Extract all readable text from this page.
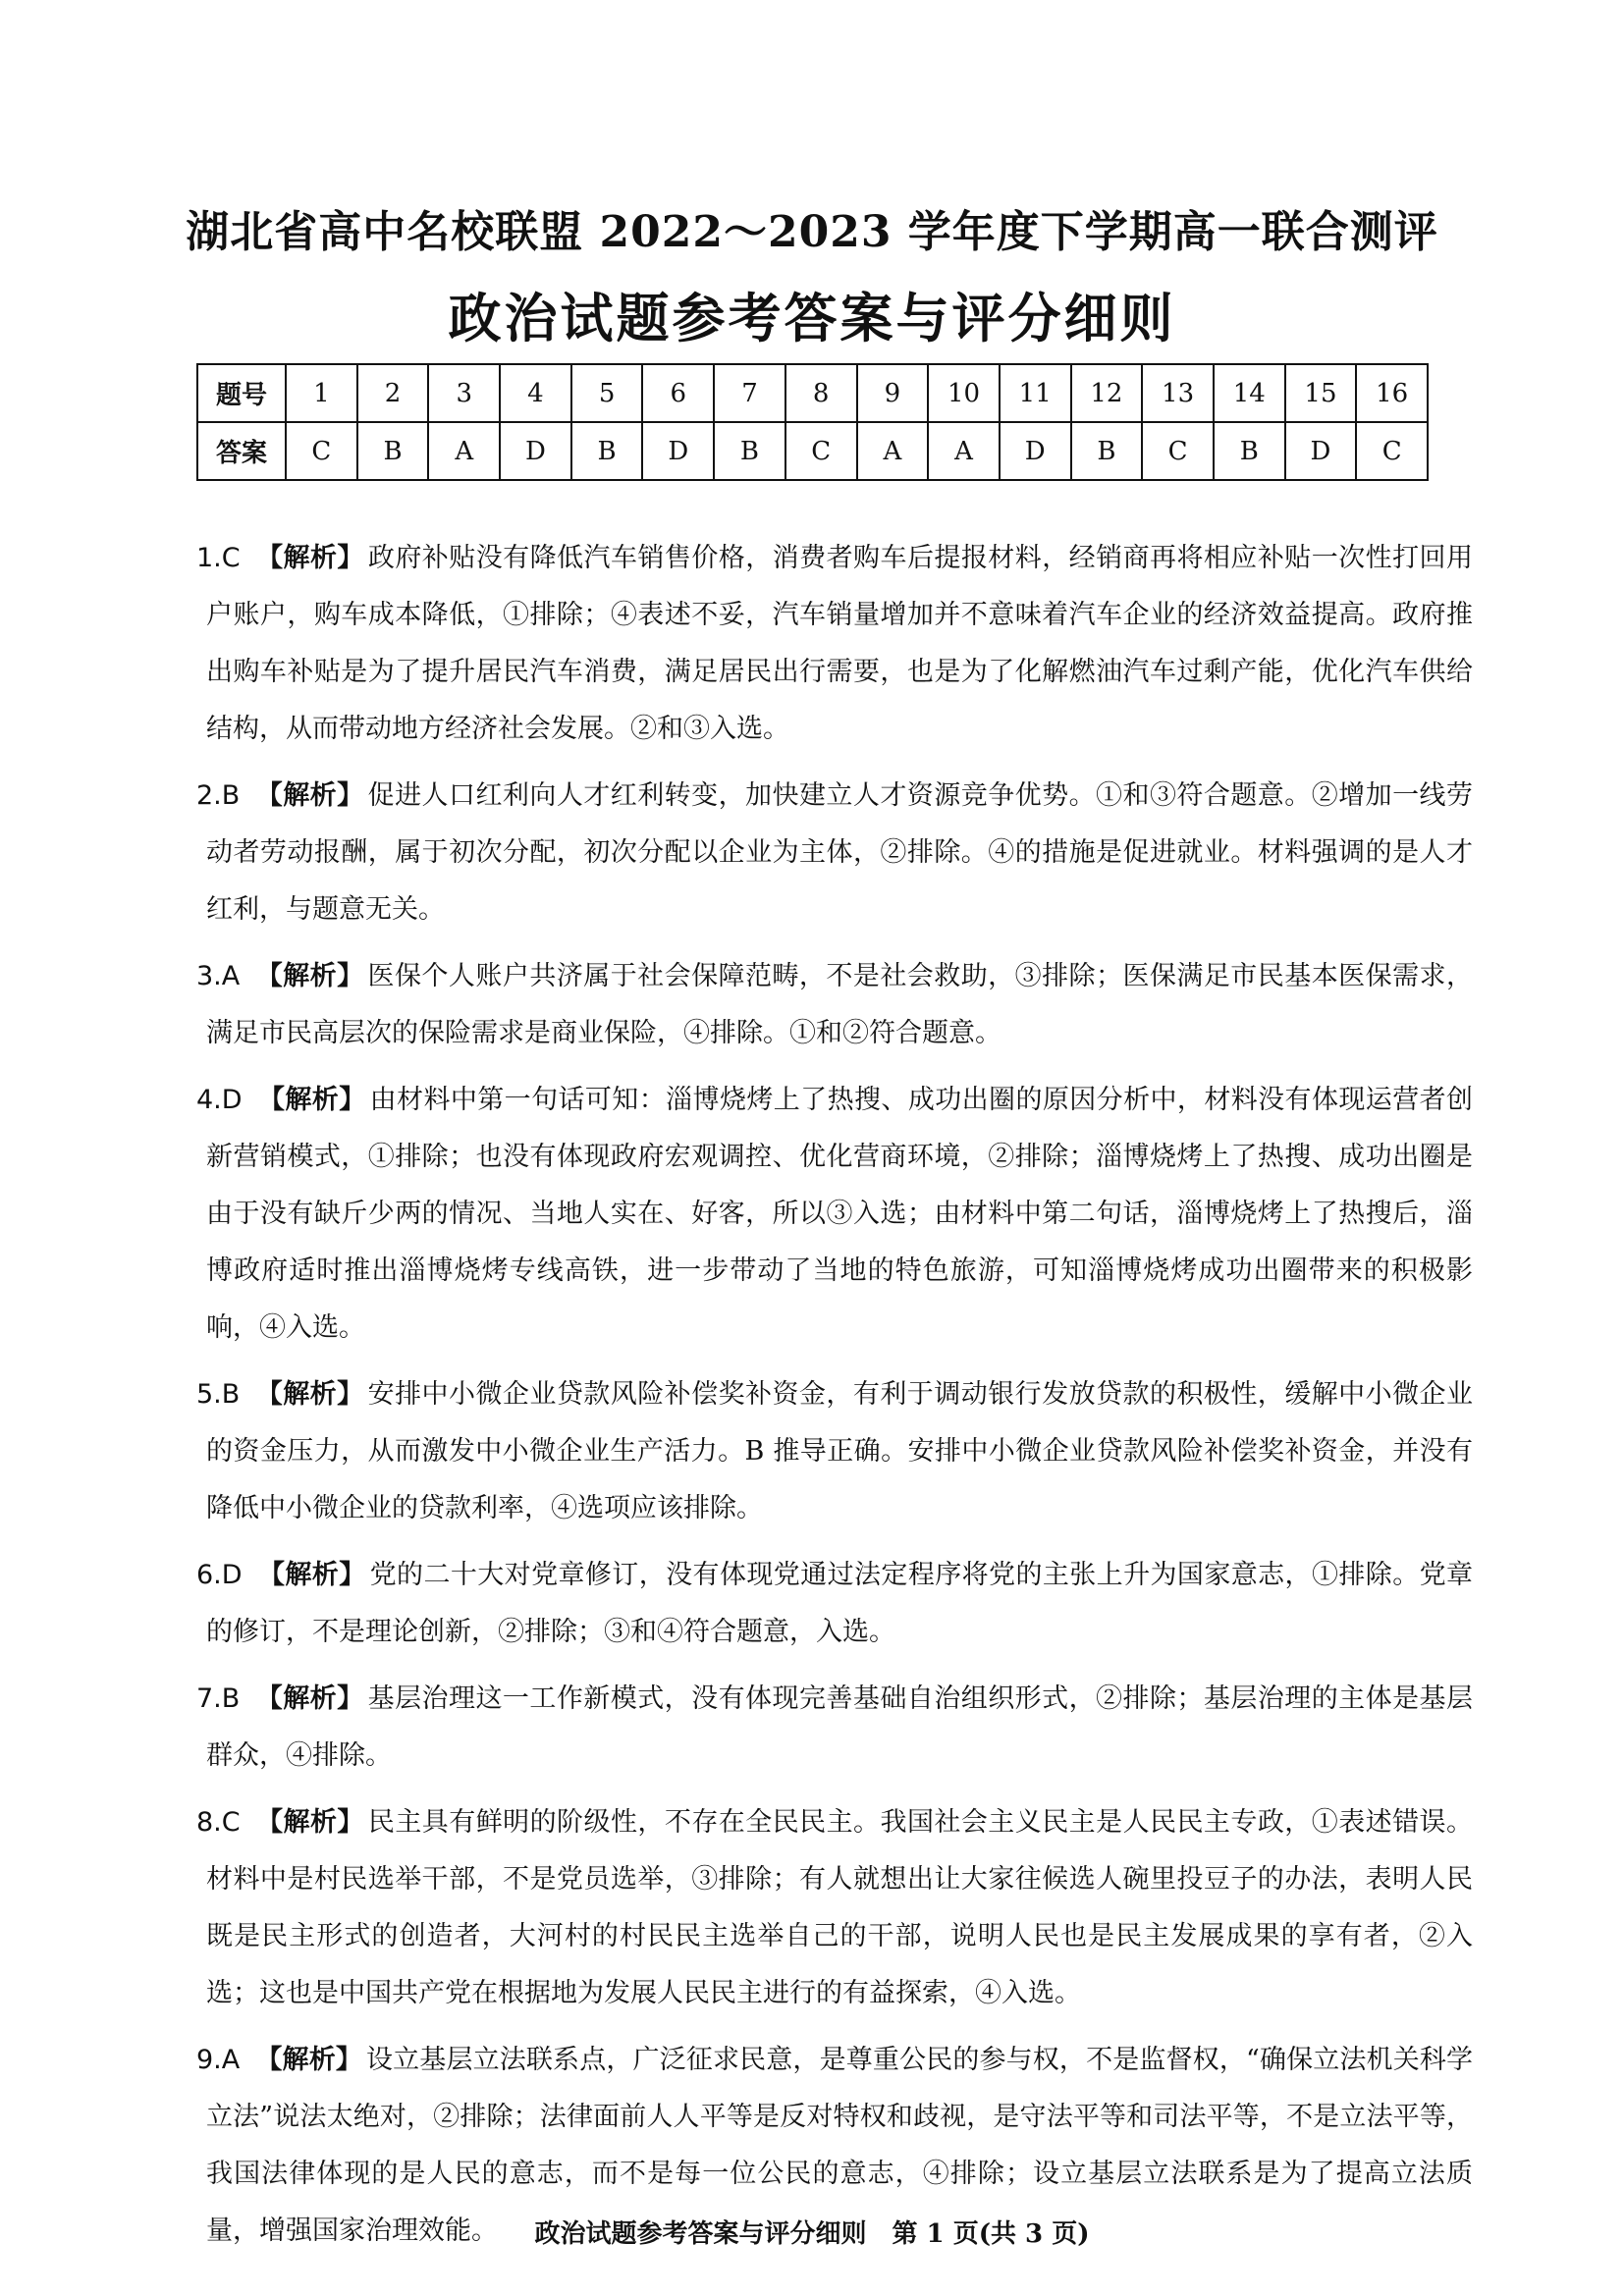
湖北省高中名校联盟 2022～2023 学年度下学期高一联合测评
政治试题参考答案与评分细则
题号	1	2	3	4	5	6	7	8	9	10	11	12	13	14	15	16
答案	C	B	A	D	B	D	B	C	A	A	D	B	C	B	D	C

1.C 【解析】 政府补贴没有降低汽车销售价格，消费者购车后提报材料，经销商再将相应补贴一次性打回用户账户，购车成本降低，①排除；④表述不妥，汽车销量增加并不意味着汽车企业的经济效益提高。政府推出购车补贴是为了提升居民汽车消费，满足居民出行需要，也是为了化解燃油汽车过剩产能，优化汽车供给结构，从而带动地方经济社会发展。②和③入选。

2.B 【解析】 促进人口红利向人才红利转变，加快建立人才资源竞争优势。①和③符合题意。②增加一线劳动者劳动报酬，属于初次分配，初次分配以企业为主体，②排除。④的措施是促进就业。材料强调的是人才红利，与题意无关。

3.A 【解析】 医保个人账户共济属于社会保障范畴，不是社会救助，③排除；医保满足市民基本医保需求，满足市民高层次的保险需求是商业保险，④排除。①和②符合题意。

4.D 【解析】 由材料中第一句话可知：淄博烧烤上了热搜、成功出圈的原因分析中，材料没有体现运营者创新营销模式，①排除；也没有体现政府宏观调控、优化营商环境，②排除；淄博烧烤上了热搜、成功出圈是由于没有缺斤少两的情况、当地人实在、好客，所以③入选；由材料中第二句话，淄博烧烤上了热搜后，淄博政府适时推出淄博烧烤专线高铁，进一步带动了当地的特色旅游，可知淄博烧烤成功出圈带来的积极影响，④入选。

5.B 【解析】 安排中小微企业贷款风险补偿奖补资金，有利于调动银行发放贷款的积极性，缓解中小微企业的资金压力，从而激发中小微企业生产活力。B 推导正确。安排中小微企业贷款风险补偿奖补资金，并没有降低中小微企业的贷款利率，④选项应该排除。

6.D 【解析】 党的二十大对党章修订，没有体现党通过法定程序将党的主张上升为国家意志，①排除。党章的修订，不是理论创新，②排除；③和④符合题意，入选。

7.B 【解析】 基层治理这一工作新模式，没有体现完善基础自治组织形式，②排除；基层治理的主体是基层群众，④排除。

8.C 【解析】 民主具有鲜明的阶级性，不存在全民民主。我国社会主义民主是人民民主专政，①表述错误。材料中是村民选举干部，不是党员选举，③排除；有人就想出让大家往候选人碗里投豆子的办法，表明人民既是民主形式的创造者，大河村的村民民主选举自己的干部，说明人民也是民主发展成果的享有者，②入选；这也是中国共产党在根据地为发展人民民主进行的有益探索，④入选。

9.A 【解析】 设立基层立法联系点，广泛征求民意，是尊重公民的参与权，不是监督权，“确保立法机关科学立法”说法太绝对，②排除；法律面前人人平等是反对特权和歧视，是守法平等和司法平等，不是立法平等，我国法律体现的是人民的意志，而不是每一位公民的意志，④排除；设立基层立法联系是为了提高立法质量，增强国家治理效能。	政治试题参考答案与评分细则　第 1 页(共 3 页)
